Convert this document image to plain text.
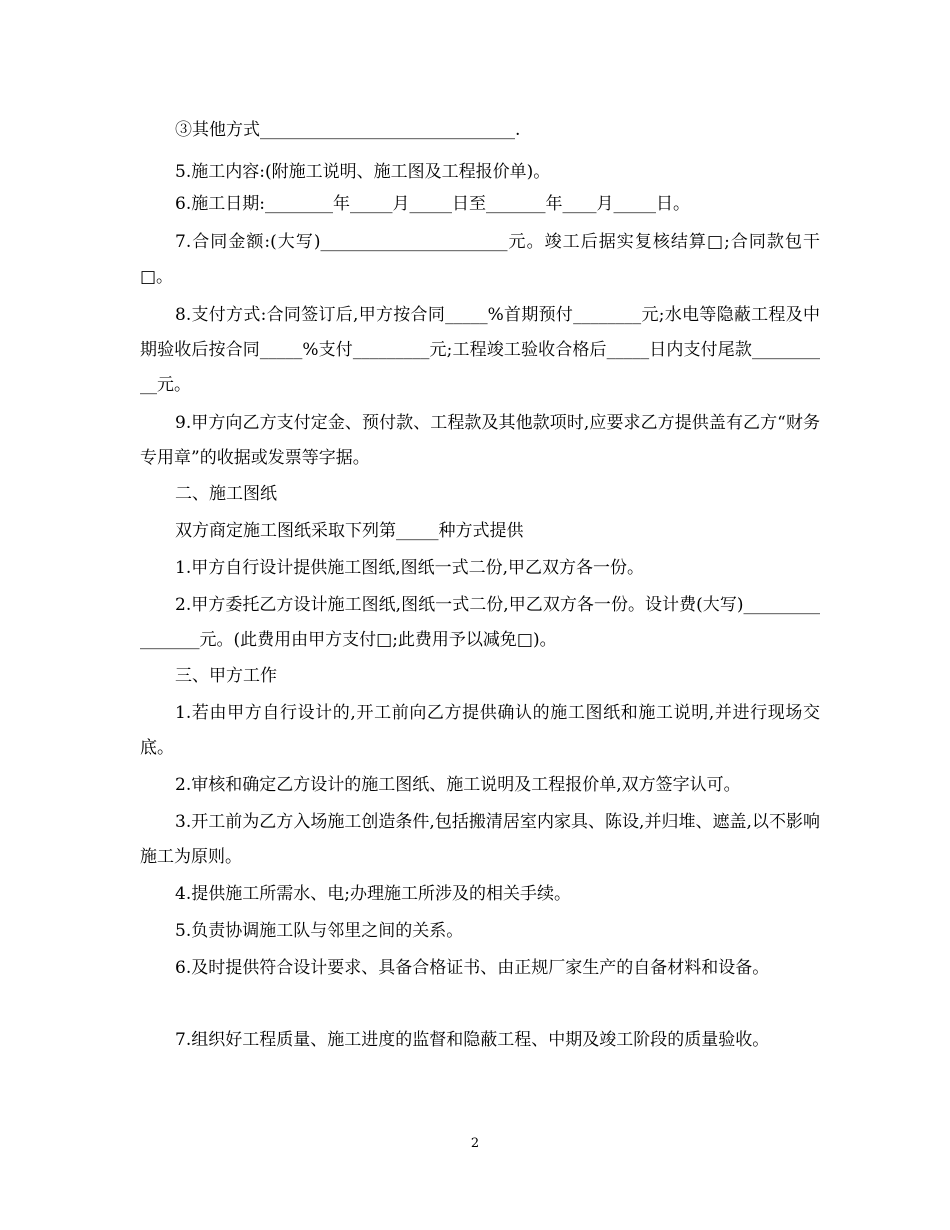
③其他方式______________________________.

5.施工内容:(附施工说明、施工图及工程报价单)。

6.施工日期:________年_____月_____日至_______年____月_____日。

7.合同金额:(大写)______________________元。竣工后据实复核结算□;合同款包干□。

8.支付方式:合同签订后,甲方按合同_____%首期预付________元;水电等隐蔽工程及中期验收后按合同_____%支付_________元;工程竣工验收合格后_____日内支付尾款__________元。

9.甲方向乙方支付定金、预付款、工程款及其他款项时,应要求乙方提供盖有乙方“财务专用章”的收据或发票等字据。

二、施工图纸

双方商定施工图纸采取下列第_____种方式提供

1.甲方自行设计提供施工图纸,图纸一式二份,甲乙双方各一份。

2.甲方委托乙方设计施工图纸,图纸一式二份,甲乙双方各一份。设计费(大写)________________元。(此费用由甲方支付□;此费用予以减免□)。

三、甲方工作

1.若由甲方自行设计的,开工前向乙方提供确认的施工图纸和施工说明,并进行现场交底。

2.审核和确定乙方设计的施工图纸、施工说明及工程报价单,双方签字认可。

3.开工前为乙方入场施工创造条件,包括搬清居室内家具、陈设,并归堆、遮盖,以不影响施工为原则。

4.提供施工所需水、电;办理施工所涉及的相关手续。

5.负责协调施工队与邻里之间的关系。

6.及时提供符合设计要求、具备合格证书、由正规厂家生产的自备材料和设备。

7.组织好工程质量、施工进度的监督和隐蔽工程、中期及竣工阶段的质量验收。

2
